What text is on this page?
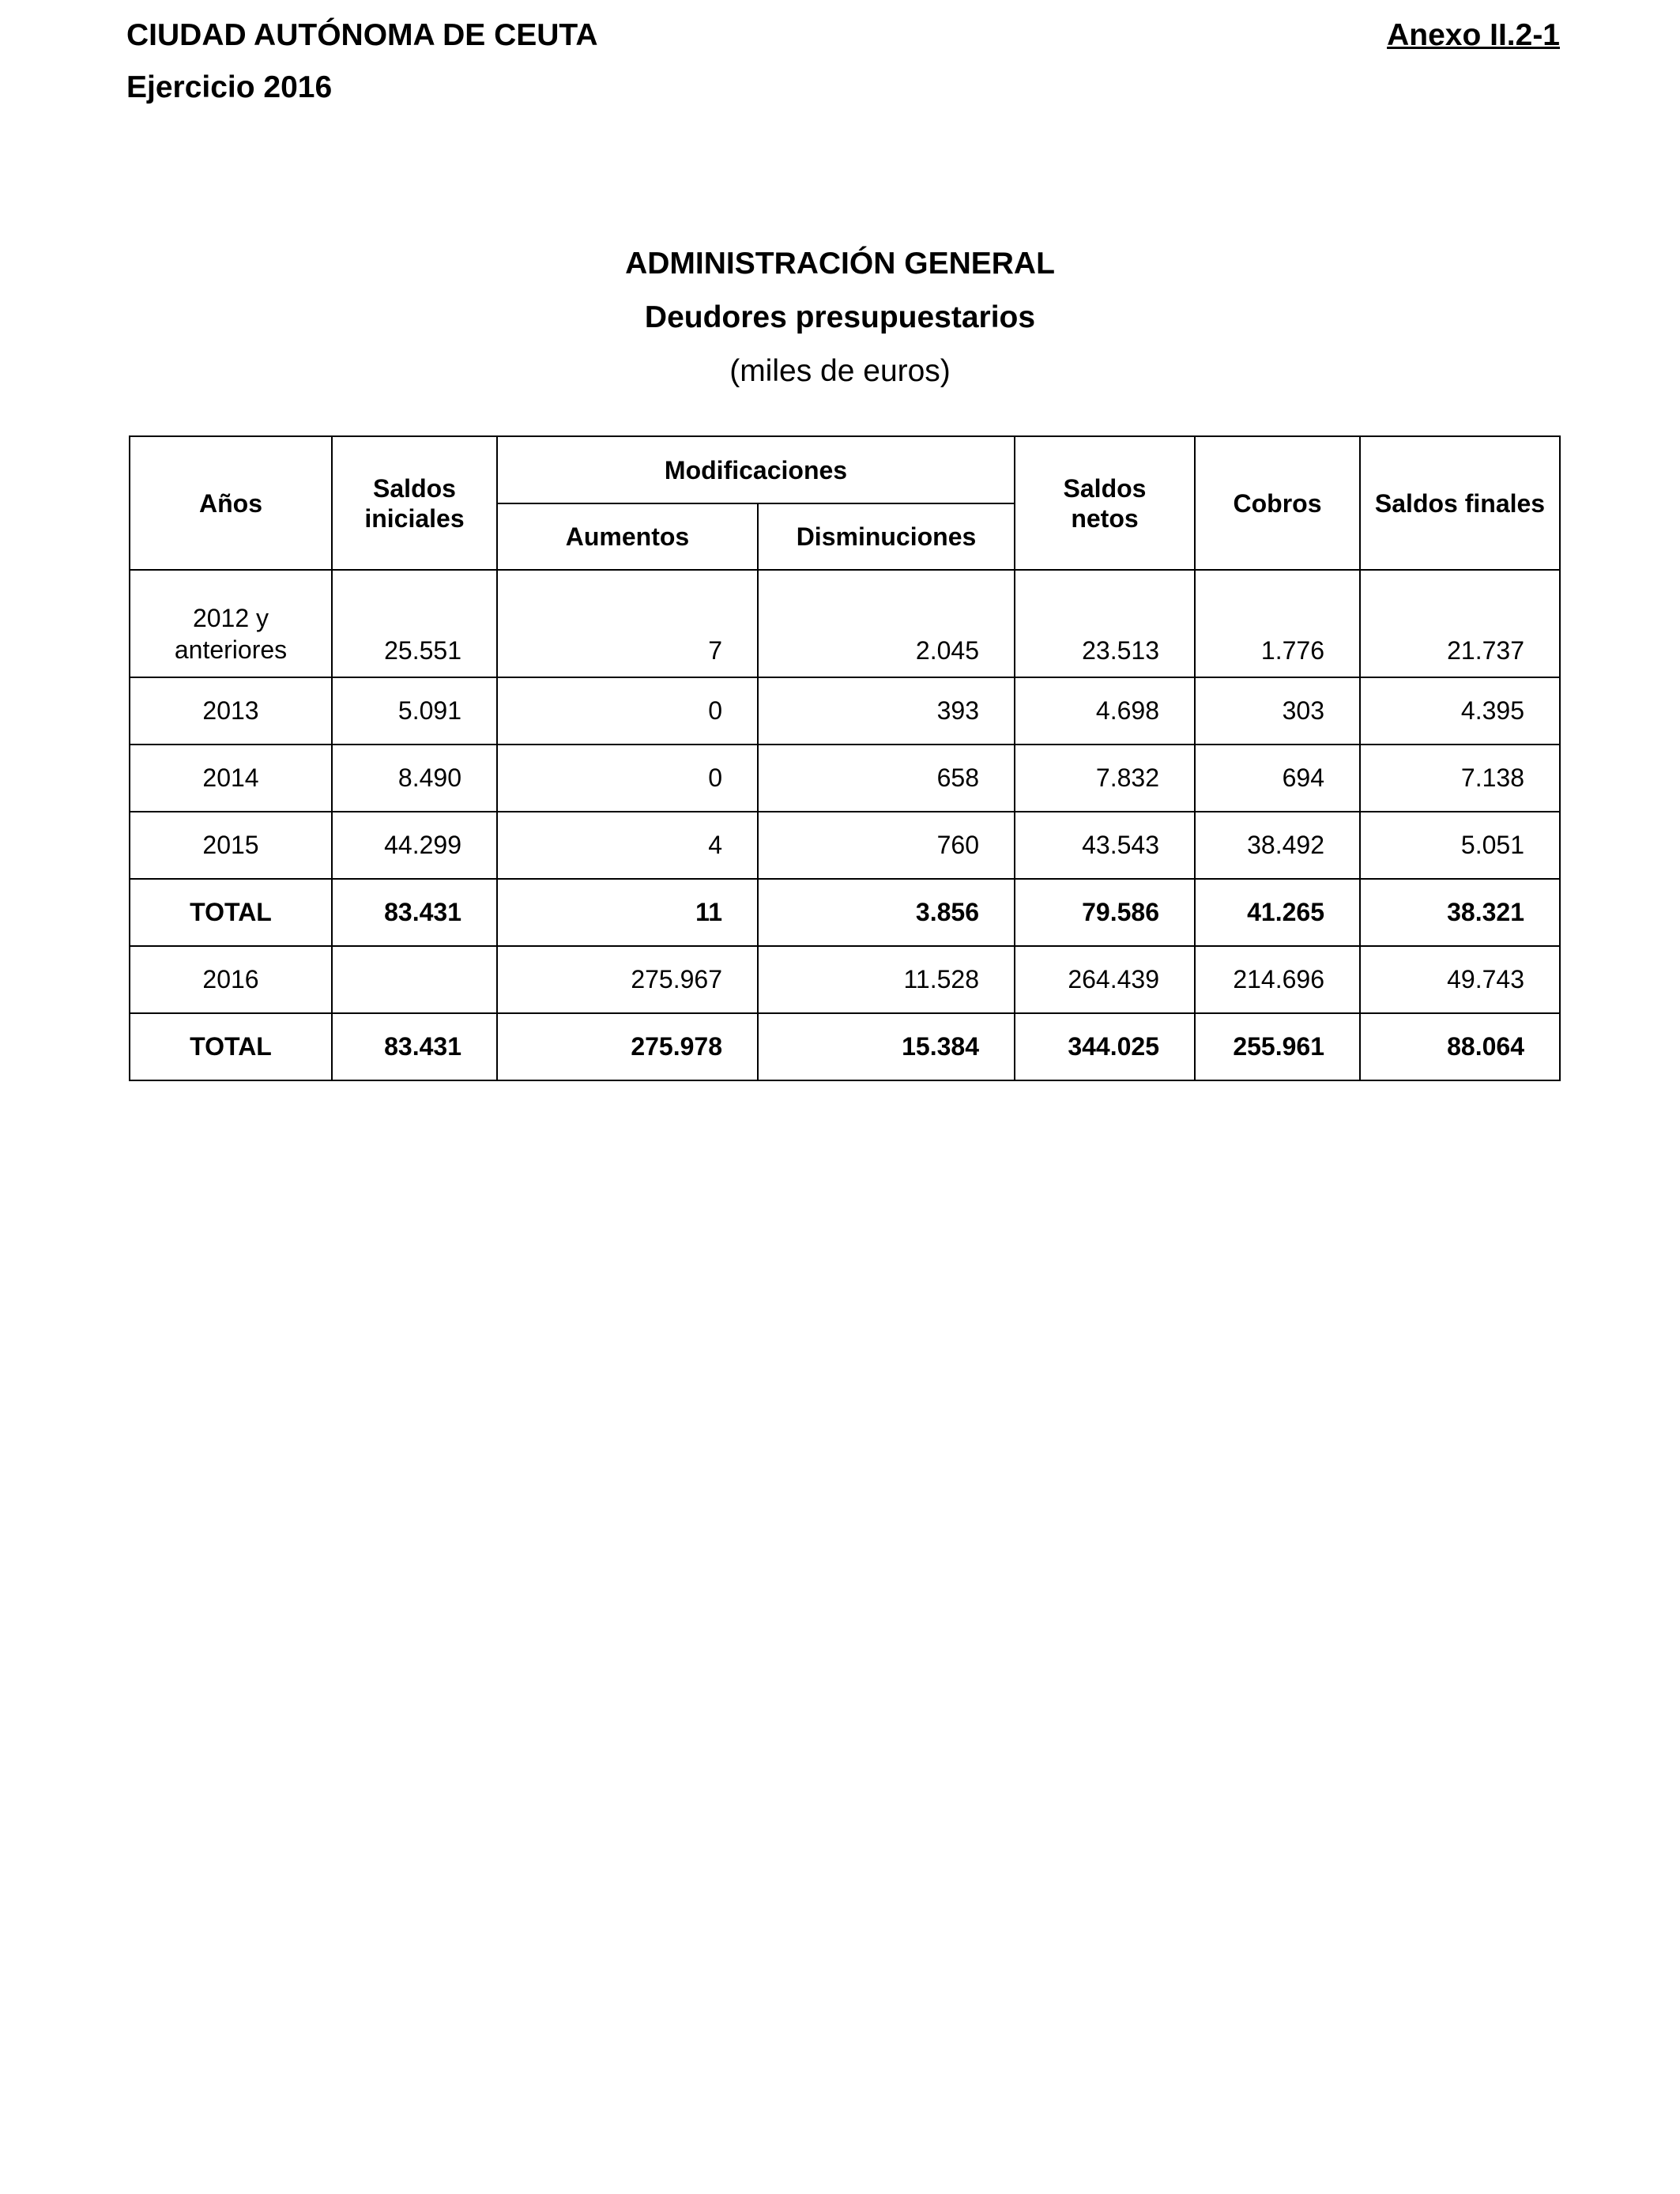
CIUDAD AUTÓNOMA DE CEUTA
Ejercicio 2016
Anexo II.2-1
ADMINISTRACIÓN GENERAL
Deudores presupuestarios
(miles de euros)
Años	Saldos iniciales	Modificaciones		Saldos netos	Cobros	Saldos finales
		Aumentos	Disminuciones			
2012 y anteriores	25.551	7	2.045	23.513	1.776	21.737
2013	5.091	0	393	4.698	303	4.395
2014	8.490	0	658	7.832	694	7.138
2015	44.299	4	760	43.543	38.492	5.051
TOTAL	83.431	11	3.856	79.586	41.265	38.321
2016		275.967	11.528	264.439	214.696	49.743
TOTAL	83.431	275.978	15.384	344.025	255.961	88.064
